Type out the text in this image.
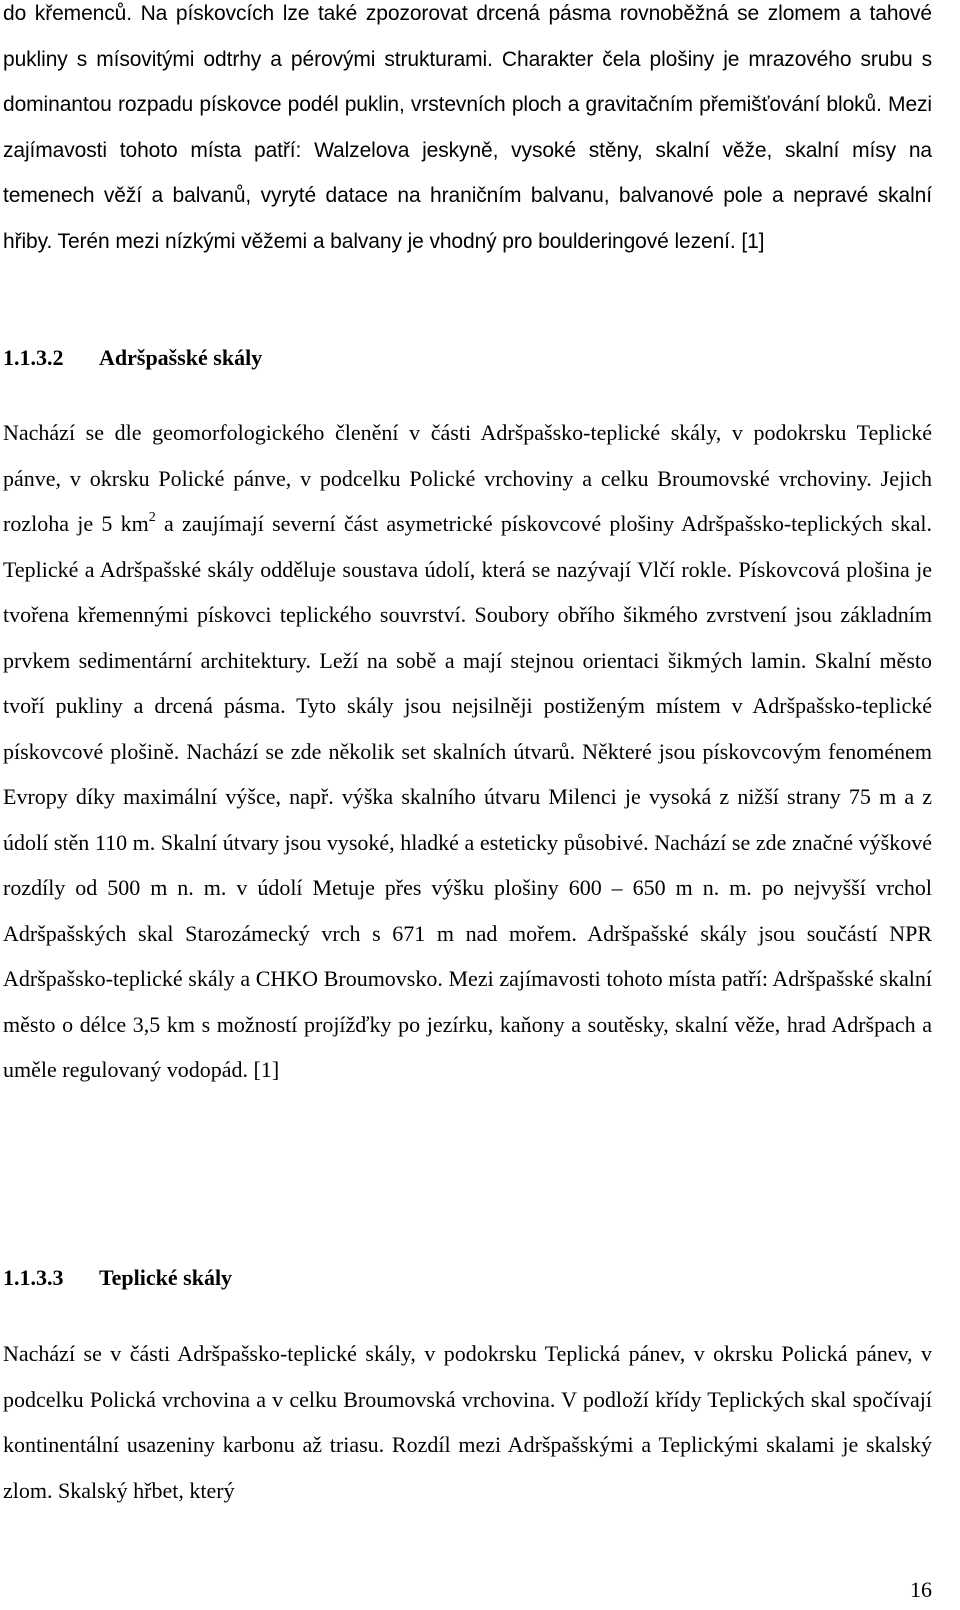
do křemenců. Na pískovcích lze také zpozorovat drcená pásma rovnoběžná se zlomem a tahové pukliny s mísovitými odtrhy a pérovými strukturami. Charakter čela plošiny je mrazového srubu s dominantou rozpadu pískovce podél puklin, vrstevních ploch a gravitačním přemišťování bloků. Mezi zajímavosti tohoto místa patří: Walzelova jeskyně, vysoké stěny, skalní věže, skalní mísy na temenech věží a balvanů, vyryté datace na hraničním balvanu, balvanové pole a nepravé skalní hřiby. Terén mezi nízkými věžemi a balvany je vhodný pro boulderingové lezení. [1]

1.1.3.2 Adršpašské skály

Nachází se dle geomorfologického členění v části Adršpašsko-teplické skály, v podokrsku Teplické pánve, v okrsku Polické pánve, v podcelku Polické vrchoviny a celku Broumovské vrchoviny. Jejich rozloha je 5 $km^2$ a zaujímají severní část asymetrické pískovcové plošiny Adršpašsko-teplických skal. Teplické a Adršpašské skály odděluje soustava údolí, která se nazývají Vlčí rokle. Pískovcová plošina je tvořena křemennými pískovci teplického souvrství. Soubory obřího šikmého zvrstvení jsou základním prvkem sedimentární architektury. Leží na sobě a mají stejnou orientaci šikmých lamin. Skalní město tvoří pukliny a drcená pásma. Tyto skály jsou nejsilněji postiženým místem v Adršpašsko-teplické pískovcové plošině. Nachází se zde několik set skalních útvarů. Některé jsou pískovcovým fenoménem Evropy díky maximální výšce, např. výška skalního útvaru Milenci je vysoká z nižší strany 75 m a z údolí stěn 110 m. Skalní útvary jsou vysoké, hladké a esteticky působivé. Nachází se zde značné výškové rozdíly od 500 m n. m. v údolí Metuje přes výšku plošiny 600 – 650 m n. m. po nejvyšší vrchol Adršpašských skal Starozámecký vrch s 671 m nad mořem. Adršpašské skály jsou součástí NPR Adršpašsko-teplické skály a CHKO Broumovsko. Mezi zajímavosti tohoto místa patří: Adršpašské skalní město o délce 3,5 km s možností projížďky po jezírku, kaňony a soutěsky, skalní věže, hrad Adršpach a uměle regulovaný vodopád. [1]

1.1.3.3 Teplické skály

Nachází se v části Adršpašsko-teplické skály, v podokrsku Teplická pánev, v okrsku Polická pánev, v podcelku Polická vrchovina a v celku Broumovská vrchovina. V podloží křídy Teplických skal spočívají kontinentální usazeniny karbonu až triasu. Rozdíl mezi Adršpašskými a Teplickými skalami je skalský zlom. Skalský hřbet, který

16
